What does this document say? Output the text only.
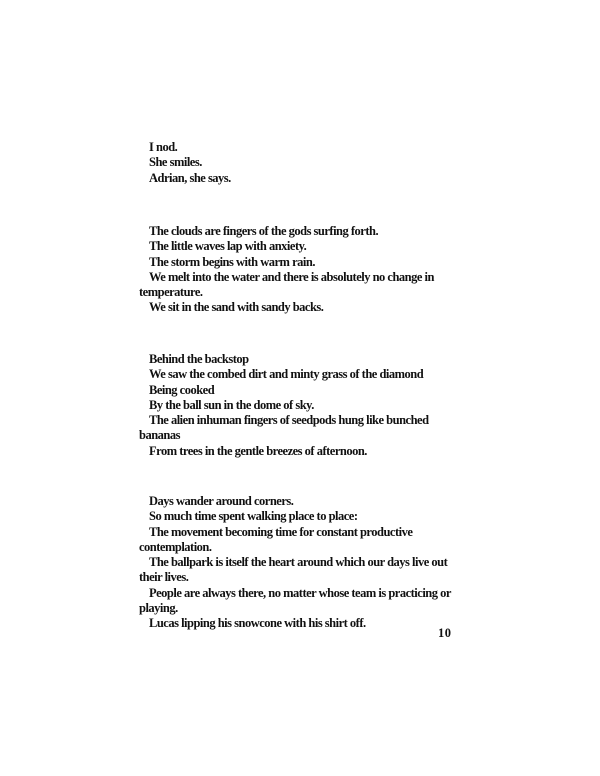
I nod.

She smiles.

Adrian, she says.

The clouds are fingers of the gods surfing forth.

The little waves lap with anxiety.

The storm begins with warm rain.

We melt into the water and there is absolutely no change in temperature.

We sit in the sand with sandy backs.

Behind the backstop

We saw the combed dirt and minty grass of the diamond

Being cooked

By the ball sun in the dome of sky.

The alien inhuman fingers of seedpods hung like bunched bananas

From trees in the gentle breezes of afternoon.

Days wander around corners.

So much time spent walking place to place:

The movement becoming time for constant productive contemplation.

The ballpark is itself the heart around which our days live out their lives.

People are always there, no matter whose team is practicing or playing.

Lucas lipping his snowcone with his shirt off.

10
